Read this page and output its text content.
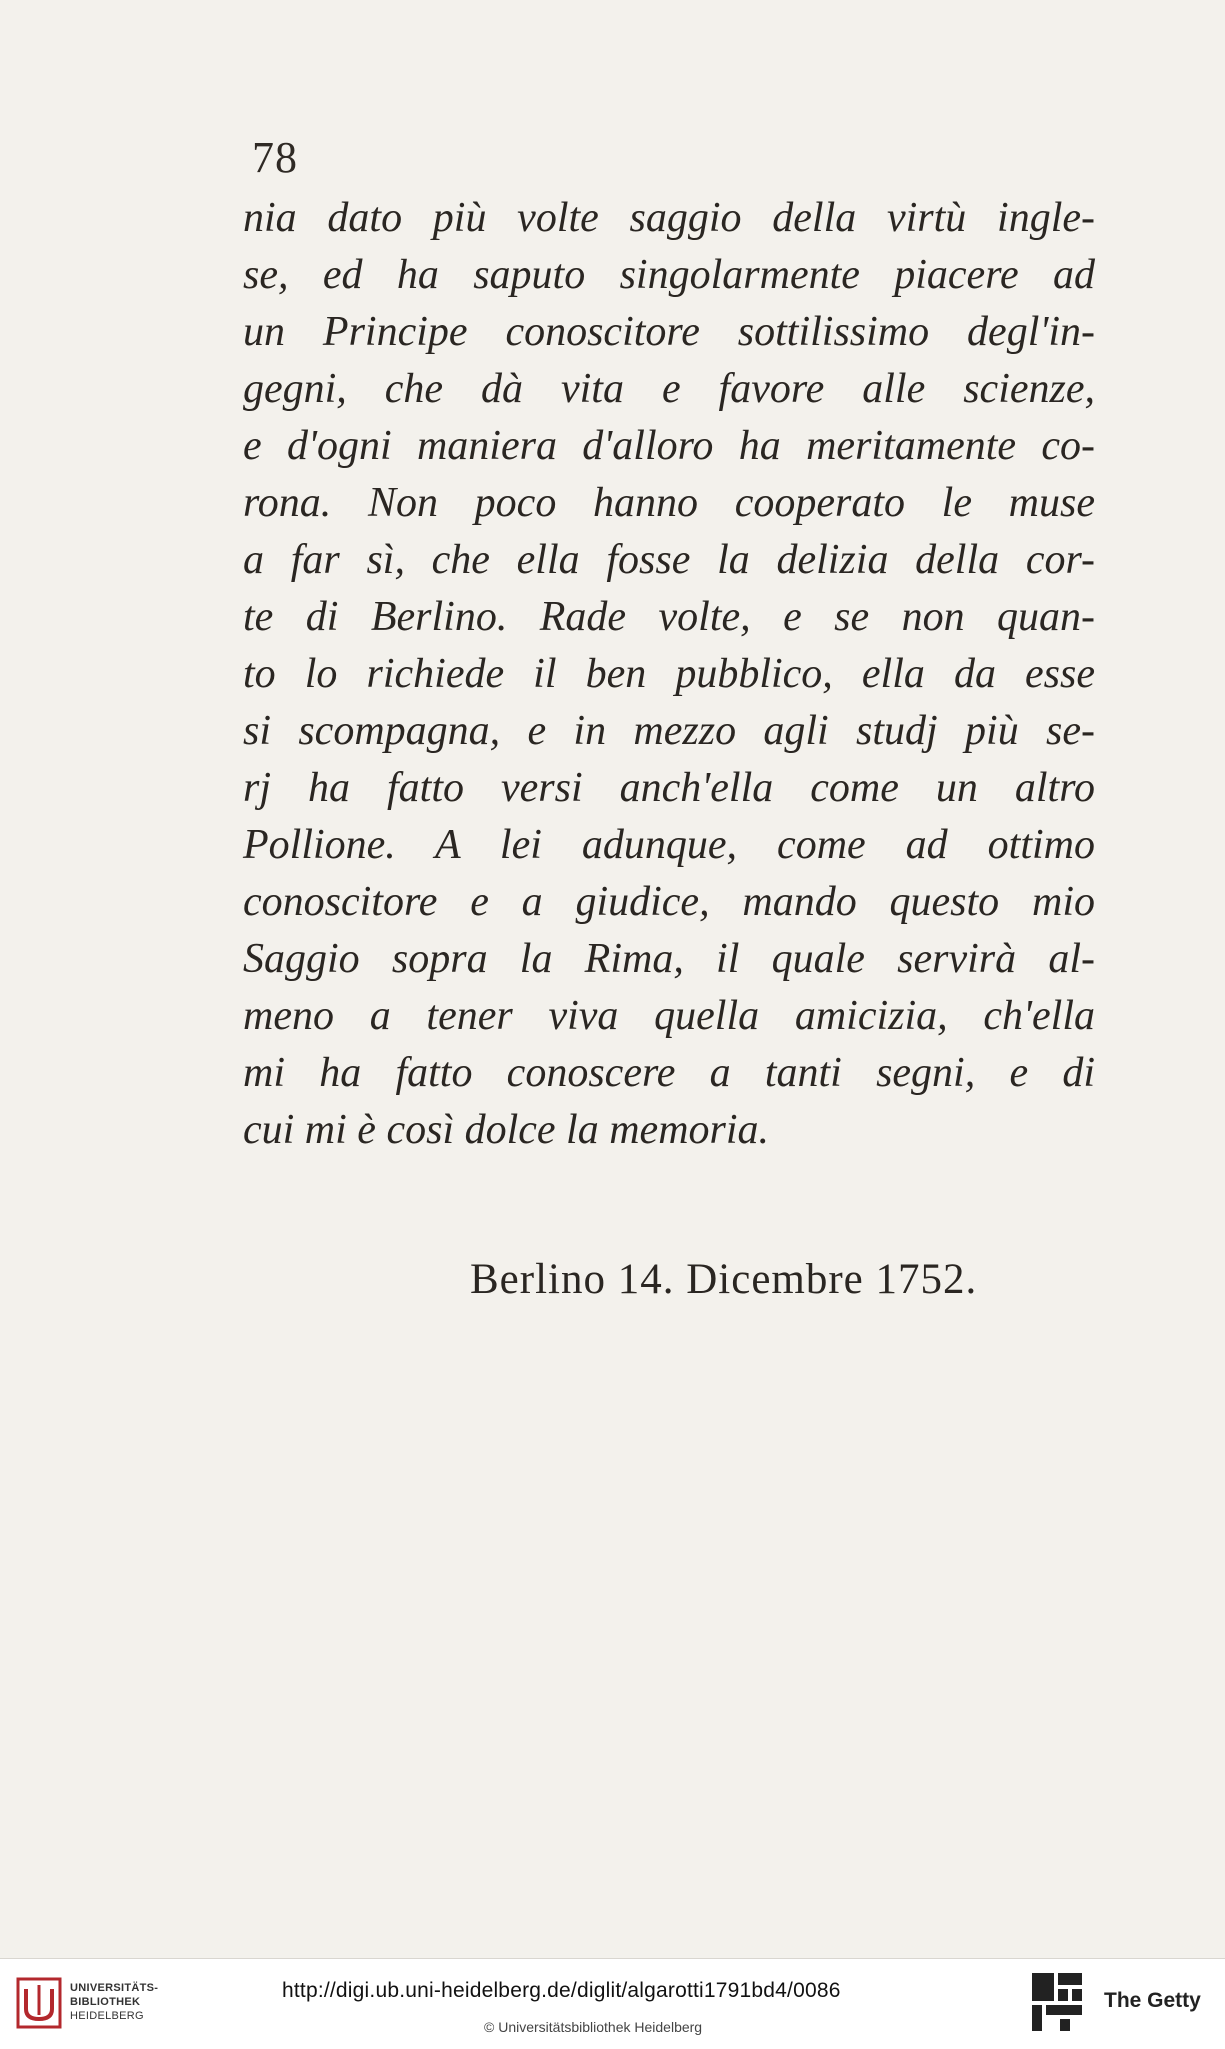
78
nia dato più volte saggio della virtù ingle-
se, ed ha saputo singolarmente piacere ad
un Principe conoscitore sottilissimo degl'in-
gegni, che dà vita e favore alle scienze,
e d'ogni maniera d'alloro ha meritamente co-
rona. Non poco hanno cooperato le muse
a far sì, che ella fosse la delizia della cor-
te di Berlino. Rade volte, e se non quan-
to lo richiede il ben pubblico, ella da esse
si scompagna, e in mezzo agli studj più se-
rj ha fatto versi anch'ella come un altro
Pollione. A lei adunque, come ad ottimo
conoscitore e a giudice, mando questo mio
Saggio sopra la Rima, il quale servirà al-
meno a tener viva quella amicizia, ch'ella
mi ha fatto conoscere a tanti segni, e di
cui mi è così dolce la memoria.
Berlino 14. Dicembre 1752.
UNIVERSITÄTS-
BIBLIOTHEK
HEIDELBERG
http://digi.ub.uni-heidelberg.de/diglit/algarotti1791bd4/0086
© Universitätsbibliothek Heidelberg
The Getty
